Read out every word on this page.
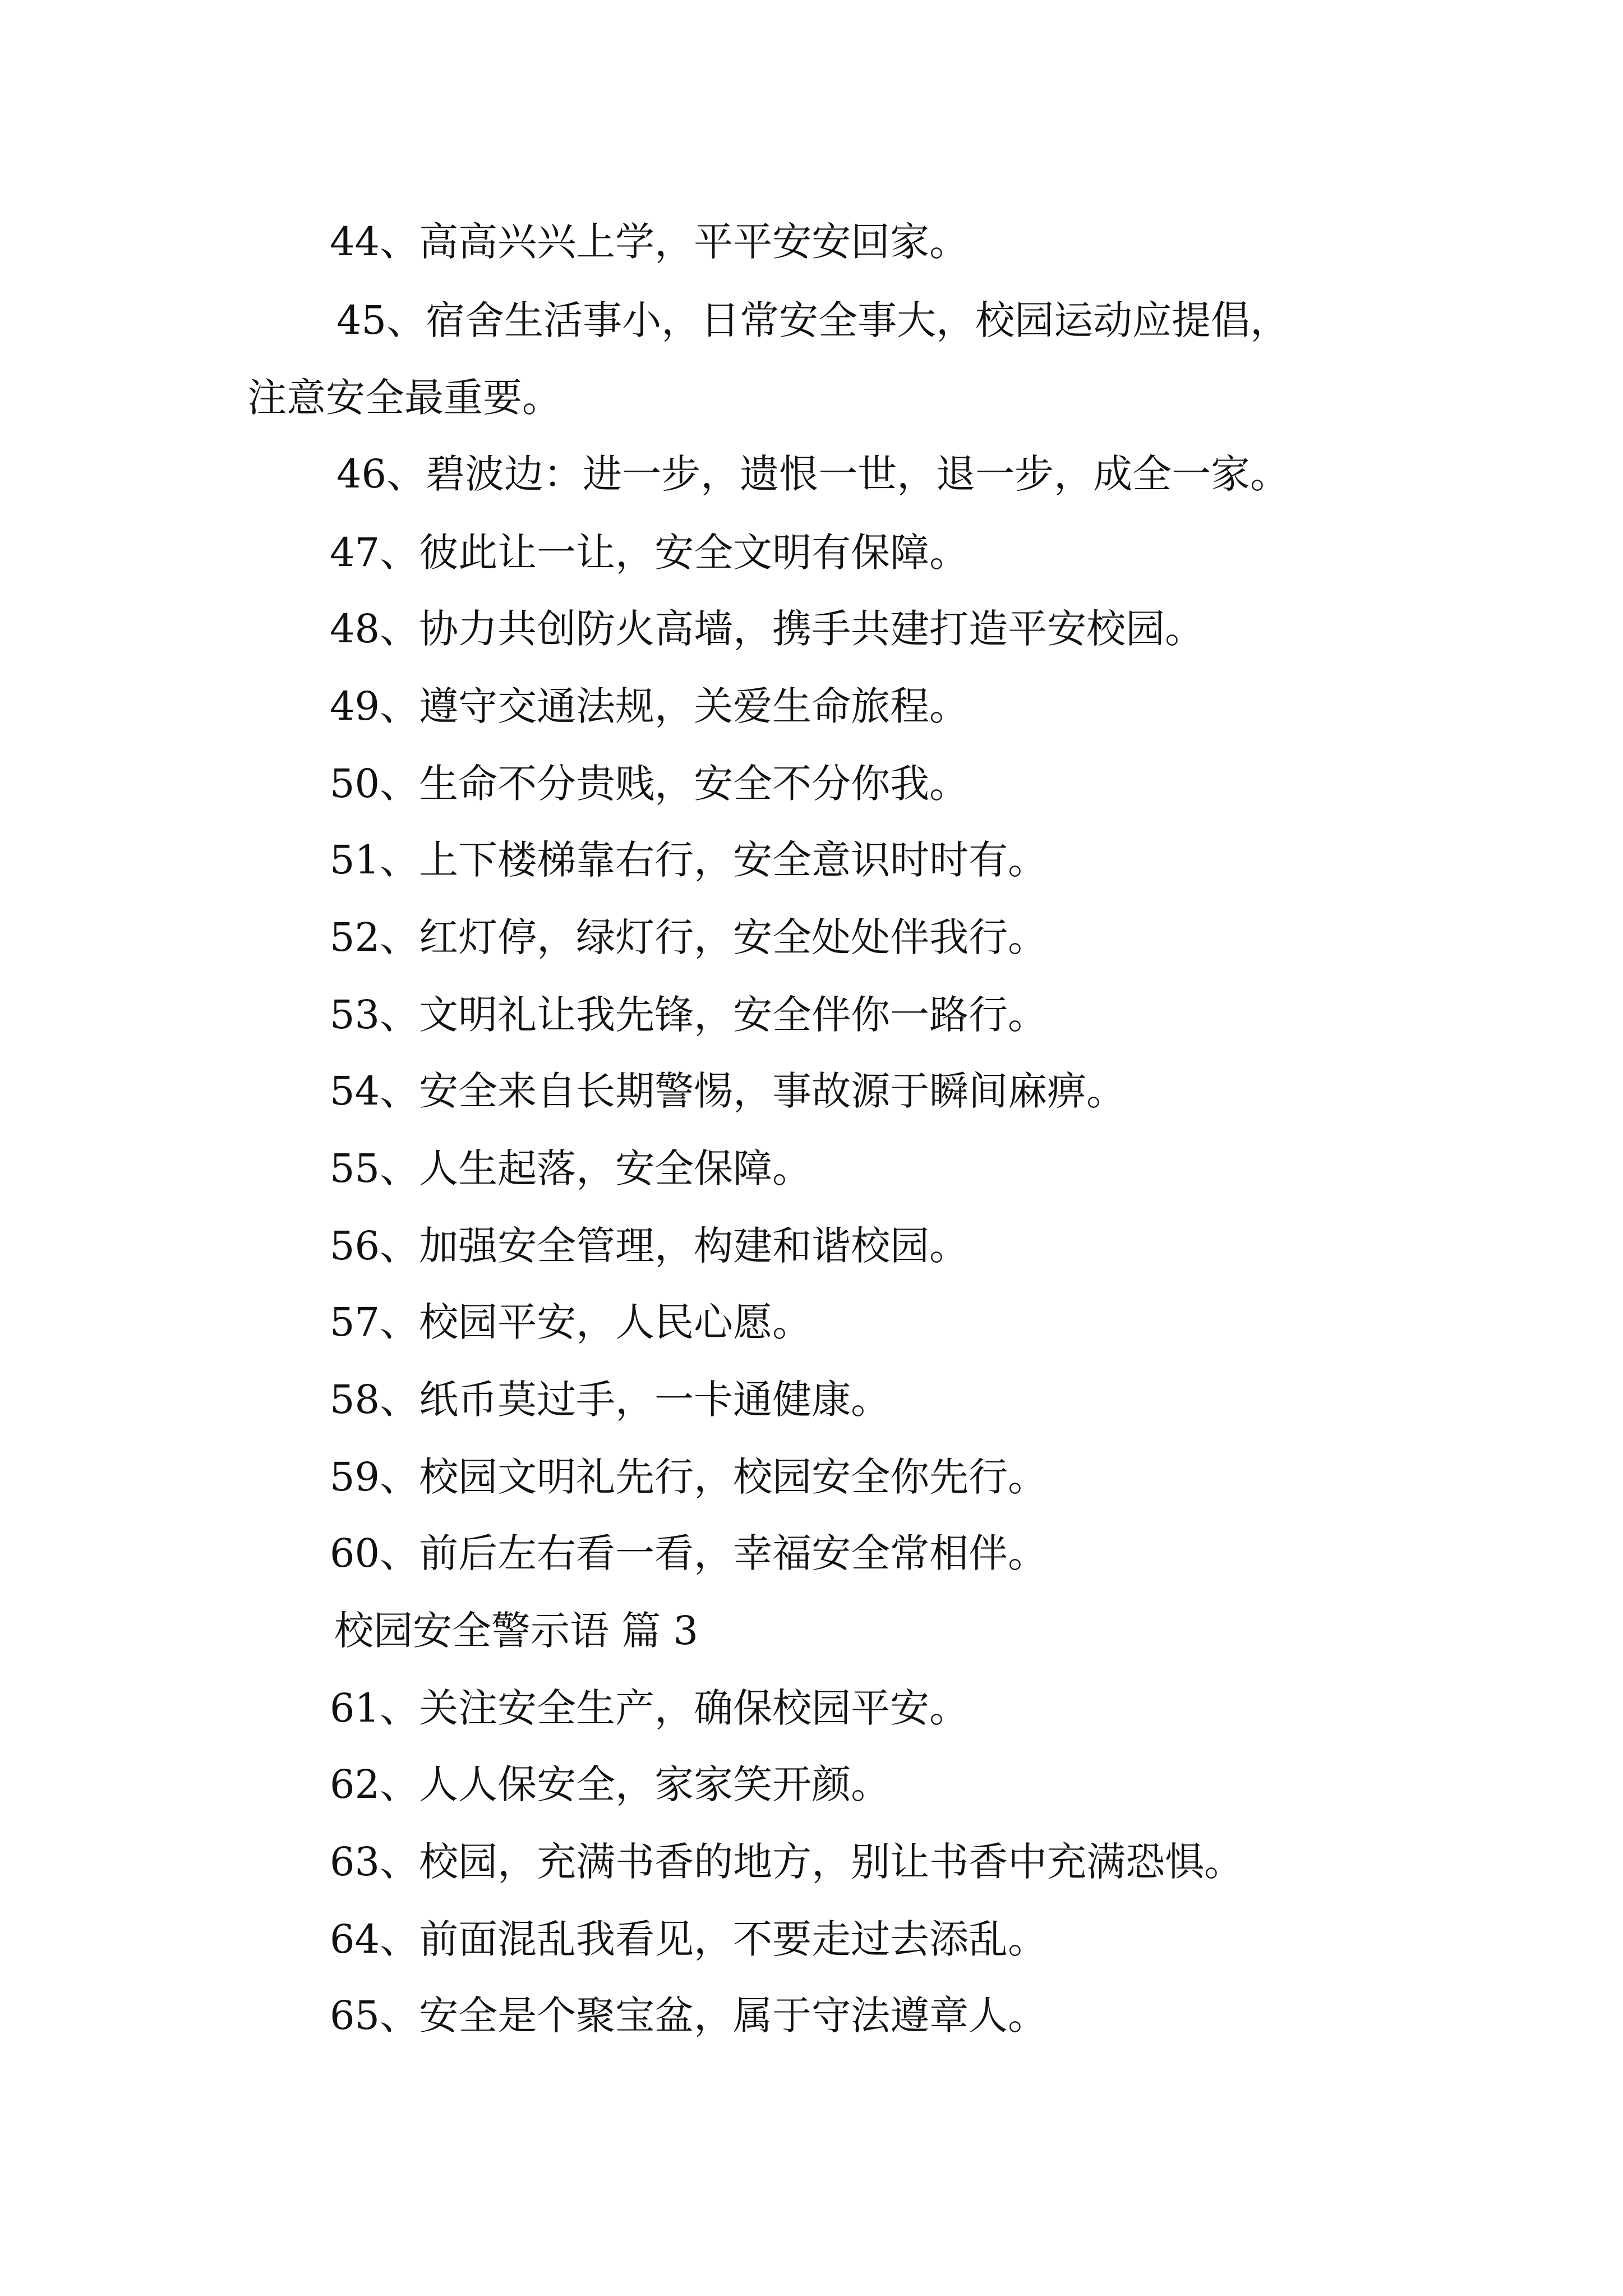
44、高高兴兴上学，平平安安回家。

45、宿舍生活事小，日常安全事大，校园运动应提倡，

注意安全最重要。

46、碧波边：进一步，遗恨一世，退一步，成全一家。

47、彼此让一让，安全文明有保障。

48、协力共创防火高墙，携手共建打造平安校园。

49、遵守交通法规，关爱生命旅程。

50、生命不分贵贱，安全不分你我。

51、上下楼梯靠右行，安全意识时时有。

52、红灯停，绿灯行，安全处处伴我行。

53、文明礼让我先锋，安全伴你一路行。

54、安全来自长期警惕，事故源于瞬间麻痹。

55、人生起落，安全保障。

56、加强安全管理，构建和谐校园。

57、校园平安，人民心愿。

58、纸币莫过手，一卡通健康。

59、校园文明礼先行，校园安全你先行。

60、前后左右看一看，幸福安全常相伴。

校园安全警示语 篇 3

61、关注安全生产，确保校园平安。

62、人人保安全，家家笑开颜。

63、校园，充满书香的地方，别让书香中充满恐惧。

64、前面混乱我看见，不要走过去添乱。

65、安全是个聚宝盆，属于守法遵章人。
